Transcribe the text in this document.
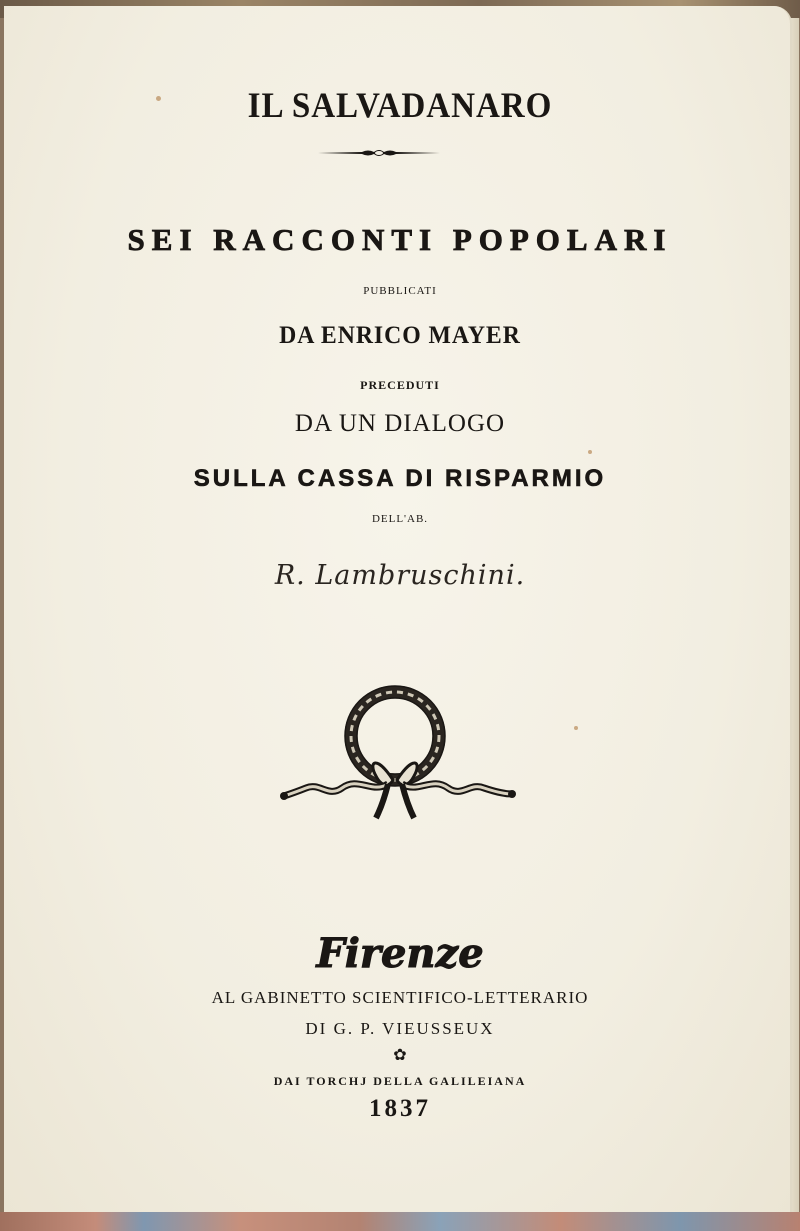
IL SALVADANARO
SEI RACCONTI POPOLARI
PUBBLICATI
DA ENRICO MAYER
PRECEDUTI
DA UN DIALOGO
SULLA CASSA DI RISPARMIO
DELL'AB.
R. Lambruschini.
Firenze
AL GABINETTO SCIENTIFICO-LETTERARIO
DI G. P. VIEUSSEUX
✿
DAI TORCHJ DELLA GALILEIANA
1837
